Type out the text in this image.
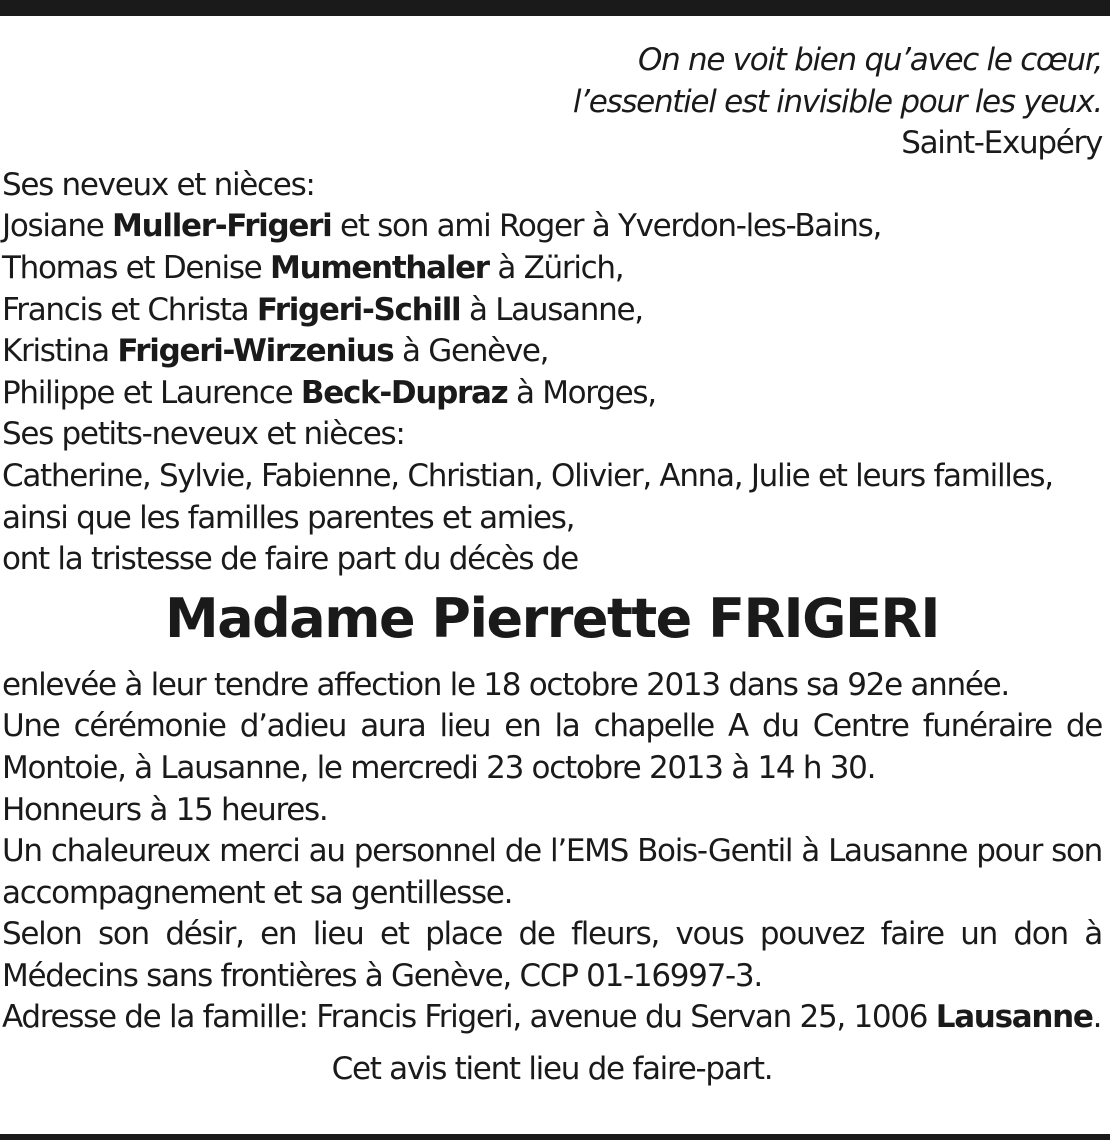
On ne voit bien qu’avec le cœur,
l’essentiel est invisible pour les yeux.
Saint-Exupéry
Ses neveux et nièces:
Josiane Muller-Frigeri et son ami Roger à Yverdon-les-Bains,
Thomas et Denise Mumenthaler à Zürich,
Francis et Christa Frigeri-Schill à Lausanne,
Kristina Frigeri-Wirzenius à Genève,
Philippe et Laurence Beck-Dupraz à Morges,
Ses petits-neveux et nièces:
Catherine, Sylvie, Fabienne, Christian, Olivier, Anna, Julie et leurs familles,
ainsi que les familles parentes et amies,
ont la tristesse de faire part du décès de
Madame Pierrette FRIGERI
enlevée à leur tendre affection le 18 octobre 2013 dans sa 92e année.
Une cérémonie d’adieu aura lieu en la chapelle A du Centre funéraire de
Montoie, à Lausanne, le mercredi 23 octobre 2013 à 14 h 30.
Honneurs à 15 heures.
Un chaleureux merci au personnel de l’EMS Bois-Gentil à Lausanne pour son
accompagnement et sa gentillesse.
Selon son désir, en lieu et place de fleurs, vous pouvez faire un don à
Médecins sans frontières à Genève, CCP 01-16997-3.
Adresse de la famille: Francis Frigeri, avenue du Servan 25, 1006 Lausanne.
Cet avis tient lieu de faire-part.
